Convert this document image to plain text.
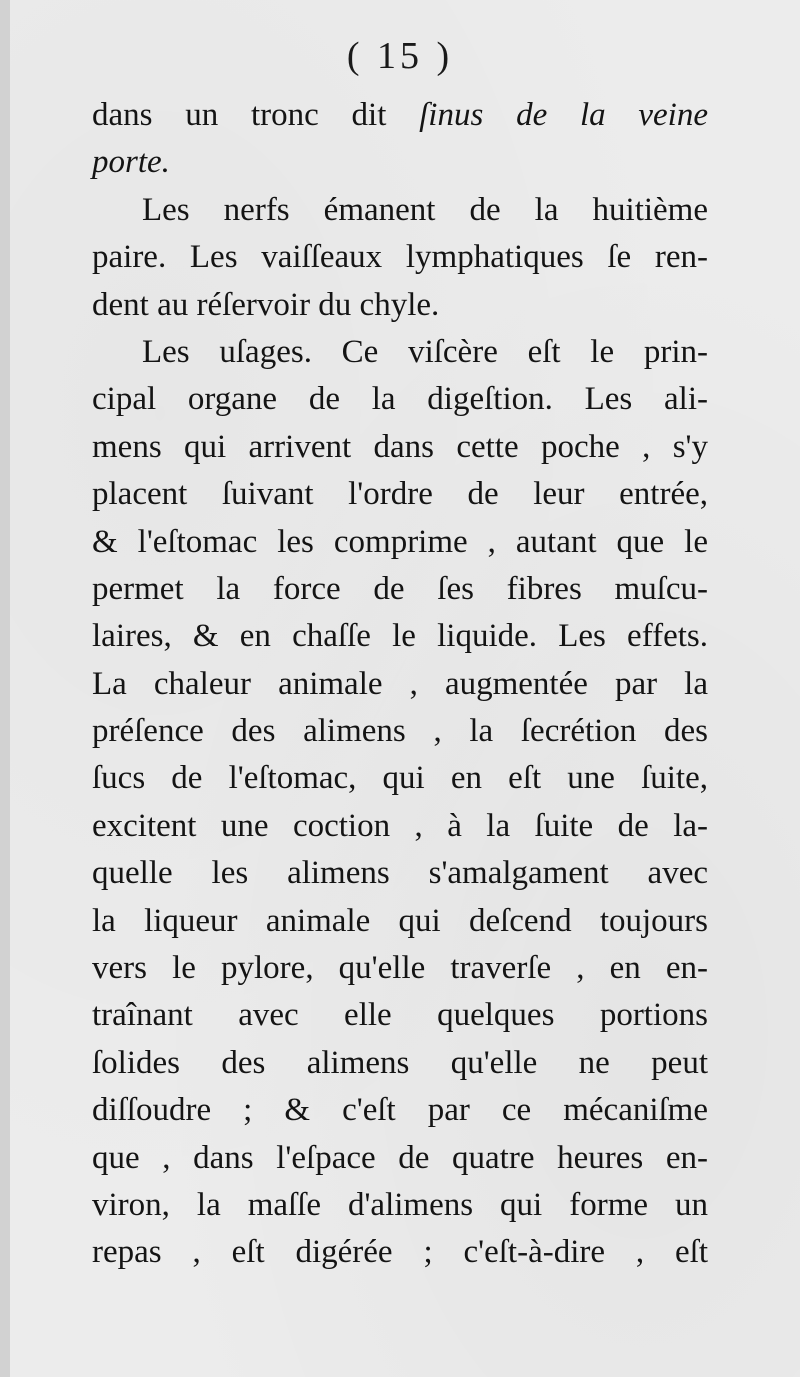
( 15 )
dans un tronc dit ſinus de la veine
porte.
Les nerfs émanent de la huitième
paire. Les vaiſſeaux lymphatiques ſe ren-
dent au réſervoir du chyle.
Les uſages. Ce viſcère eſt le prin-
cipal organe de la digeſtion. Les ali-
mens qui arrivent dans cette poche , s'y
placent ſuivant l'ordre de leur entrée,
& l'eſtomac les comprime , autant que le
permet la force de ſes fibres muſcu-
laires, & en chaſſe le liquide. Les effets.
La chaleur animale , augmentée par la
préſence des alimens , la ſecrétion des
ſucs de l'eſtomac, qui en eſt une ſuite,
excitent une coction , à la ſuite de la-
quelle les alimens s'amalgament avec
la liqueur animale qui deſcend toujours
vers le pylore, qu'elle traverſe , en en-
traînant avec elle quelques portions
ſolides des alimens qu'elle ne peut
diſſoudre ; & c'eſt par ce mécaniſme
que , dans l'eſpace de quatre heures en-
viron, la maſſe d'alimens qui forme un
repas , eſt digérée ; c'eſt-à-dire , eſt
